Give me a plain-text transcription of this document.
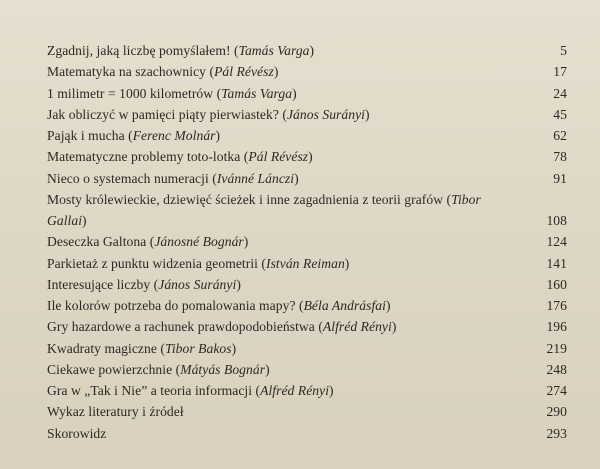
Zgadnij, jaką liczbę pomyślałem! (Tamás Varga)	5
Matematyka na szachownicy (Pál Révész)	17
1 milimetr = 1000 kilometrów (Tamás Varga)	24
Jak obliczyć w pamięci piąty pierwiastek? (János Surányi)	45
Pająk i mucha (Ferenc Molnár)	62
Matematyczne problemy toto-lotka (Pál Révész)	78
Nieco o systemach numeracji (Ivánné Lánczi)	91
Mosty królewieckie, dziewięć ścieżek i inne zagadnienia z teorii grafów (Tibor Gallai)	108
Deseczka Galtona (Jánosné Bognár)	124
Parkietaż z punktu widzenia geometrii (István Reiman)	141
Interesujące liczby (János Surányi)	160
Ile kolorów potrzeba do pomalowania mapy? (Béla Andrásfai)	176
Gry hazardowe a rachunek prawdopodobieństwa (Alfréd Rényi)	196
Kwadraty magiczne (Tibor Bakos)	219
Ciekawe powierzchnie (Mátyás Bognár)	248
Gra w „Tak i Nie” a teoria informacji (Alfréd Rényi)	274
Wykaz literatury i źródeł	290
Skorowidz	293
